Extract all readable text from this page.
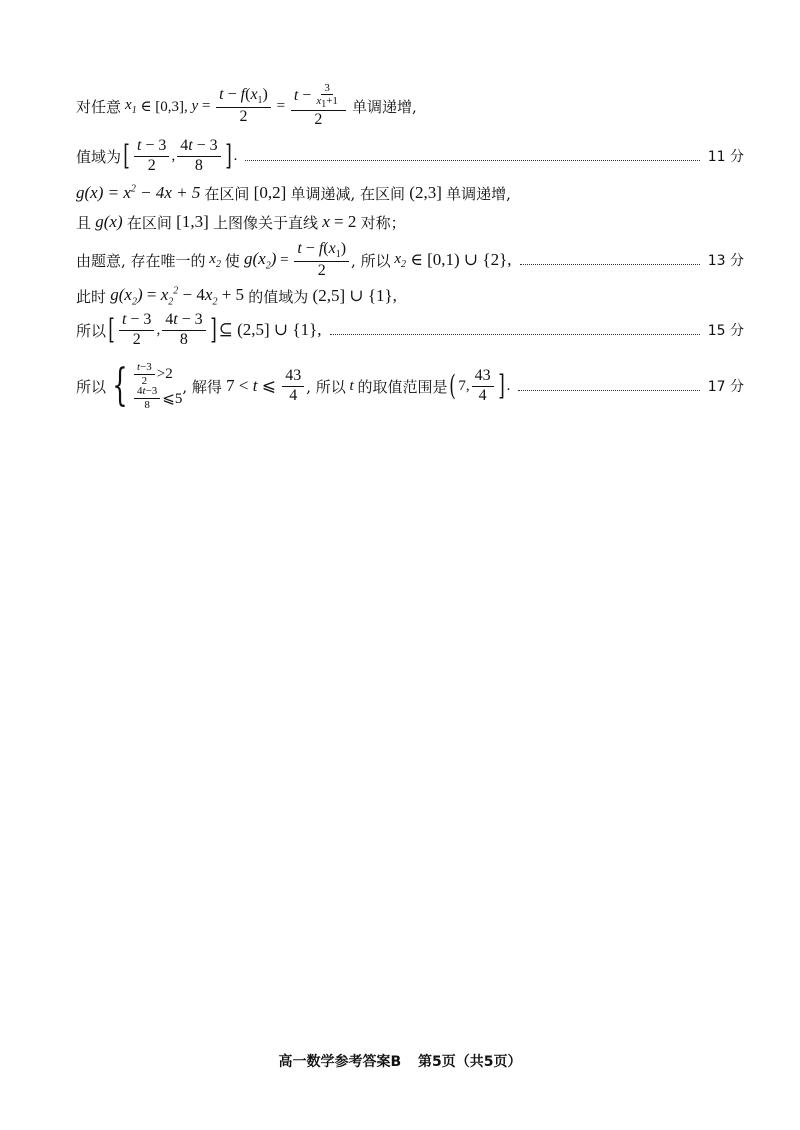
对任意 $x_1$ ∈ [0,3], $y = \frac{t - f(x_1)}{2} = \frac{t - \frac{3}{x_1+1}}{2}$ 单调递增,
值域为 [ $\frac{t - 3}{2}$ , $\frac{4t - 3}{8}$ ] .	11 分
$g(x) = x^2 - 4x + 5$ 在区间 [0,2] 单调递减, 在区间 (2,3] 单调递增,
且 g(x) 在区间 [1,3] 上图像关于直线 x = 2 对称；
由题意, 存在唯一的 $x_2$ 使 $g(x_2) = \frac{t - f(x_1)}{2}$ , 所以 $x_2$ ∈ [0,1) ∪ {2},	13 分
此时 $g(x_2) = x_2^2 - 4x_2 + 5$ 的值域为 (2,5] ∪ {1},
所以 [ $\frac{t - 3}{2}$ , $\frac{4t - 3}{8}$ ] ⊆ (2,5] ∪ {1},	15 分
所以 { $\frac{t-3}{2} >2$
$\frac{4t-3}{8}$ ⩽5
, 解得 7 < t ⩽ $\frac{43}{4}$ , 所以 t 的取值范围是 ( 7, $\frac{43}{4}$ ] .	17 分
高一数学参考答案B 第5页（共5页）
